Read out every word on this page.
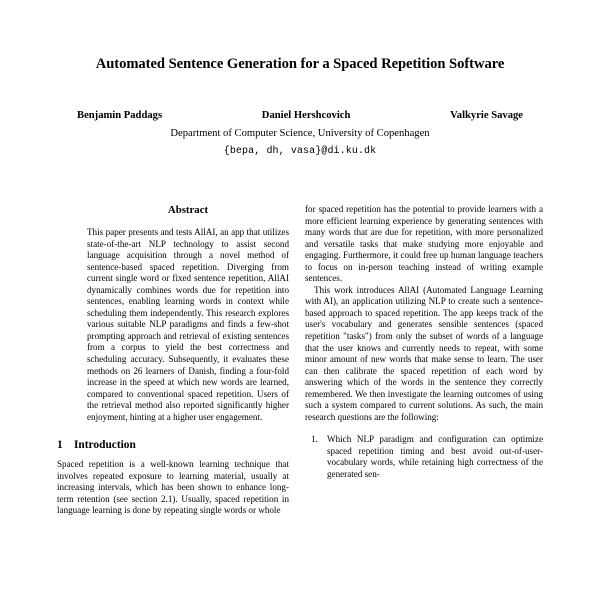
Automated Sentence Generation for a Spaced Repetition Software
Benjamin Paddags	Daniel Hershcovich	Valkyrie Savage
Department of Computer Science, University of Copenhagen
{bepa, dh, vasa}@di.ku.dk
Abstract

This paper presents and tests AllAI, an app that utilizes state-of-the-art NLP technology to assist second language acquisition through a novel method of sentence-based spaced repetition. Diverging from current single word or fixed sentence repetition, AllAI dynamically combines words due for repetition into sentences, enabling learning words in context while scheduling them independently. This research explores various suitable NLP paradigms and finds a few-shot prompting approach and retrieval of existing sentences from a corpus to yield the best correctness and scheduling accuracy. Subsequently, it evaluates these methods on 26 learners of Danish, finding a four-fold increase in the speed at which new words are learned, compared to conventional spaced repetition. Users of the retrieval method also reported significantly higher enjoyment, hinting at a higher user engagement.

1 Introduction

Spaced repetition is a well-known learning technique that involves repeated exposure to learning material, usually at increasing intervals, which has been shown to enhance long-term retention (see section 2.1). Usually, spaced repetition in language learning is done by repeating single words or whole

for spaced repetition has the potential to provide learners with a more efficient learning experience by generating sentences with many words that are due for repetition, with more personalized and versatile tasks that make studying more enjoyable and engaging. Furthermore, it could free up human language teachers to focus on in-person teaching instead of writing example sentences.

This work introduces AllAI (Automated Language Learning with AI), an application utilizing NLP to create such a sentence-based approach to spaced repetition. The app keeps track of the user's vocabulary and generates sensible sentences (spaced repetition "tasks") from only the subset of words of a language that the user knows and currently needs to repeat, with some minor amount of new words that make sense to learn. The user can then calibrate the spaced repetition of each word by answering which of the words in the sentence they correctly remembered. We then investigate the learning outcomes of using such a system compared to current solutions. As such, the main research questions are the following:

Which NLP paradigm and configuration can optimize spaced repetition timing and best avoid out-of-user-vocabulary words, while retaining high correctness of the generated sen-
